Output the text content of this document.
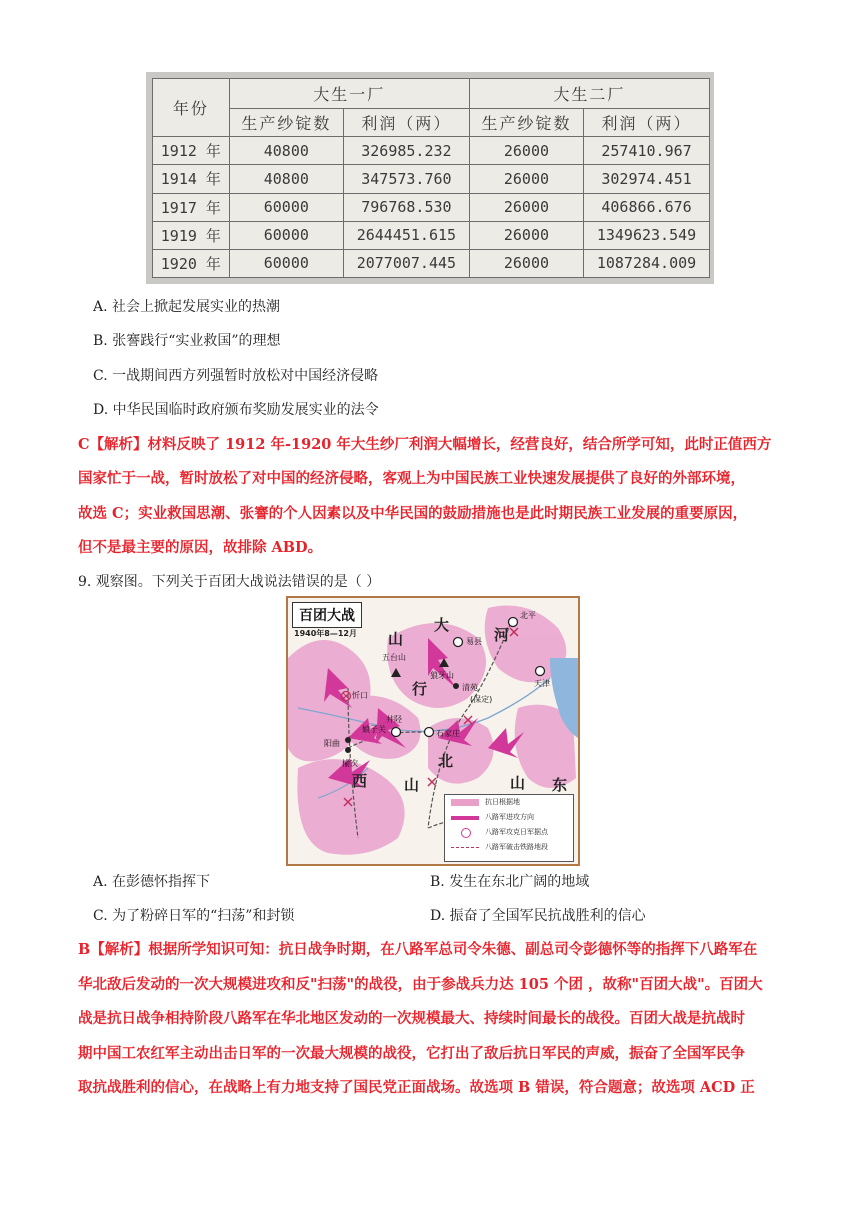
年份	大生一厂		大生二厂	
	生产纱锭数	利润（两）	生产纱锭数	利润（两）
1912 年	40800	326985.232	26000	257410.967
1914 年	40800	347573.760	26000	302974.451
1917 年	60000	796768.530	26000	406866.676
1919 年	60000	2644451.615	26000	1349623.549
1920 年	60000	2077007.445	26000	1087284.009
A. 社会上掀起发展实业的热潮
B. 张謇践行“实业救国”的理想
C. 一战期间西方列强暂时放松对中国经济侵略
D. 中华民国临时政府颁布奖励发展实业的法令
C【解析】材料反映了 1912 年-1920 年大生纱厂利润大幅增长，经营良好，结合所学可知，此时正值西方
国家忙于一战，暂时放松了对中国的经济侵略，客观上为中国民族工业快速发展提供了良好的外部环境，
故选 C；实业救国思潮、张謇的个人因素以及中华民国的鼓励措施也是此时期民族工业发展的重要原因，
但不是最主要的原因，故排除 ABD。
9. 观察图。下列关于百团大战说法错误的是（ ）
百团大战
1940年8—12月
北平
易县
五台山
狼牙山
清苑
(保定)
天津
忻口
阳曲
榆次
井陉
娘子关	石家庄
山	河
大
行
西 山
北
山 东
抗日根据地
八路军进攻方向
八路军攻克日军据点
八路军破击铁路地段
A. 在彭德怀指挥下	B. 发生在东北广阔的地域
C. 为了粉碎日军的“扫荡”和封锁	D. 振奋了全国军民抗战胜利的信心
B【解析】根据所学知识可知：抗日战争时期，在八路军总司令朱德、副总司令彭德怀等的指挥下八路军在
华北敌后发动的一次大规模进攻和反"扫荡"的战役，由于参战兵力达 105 个团 ，故称"百团大战"。百团大
战是抗日战争相持阶段八路军在华北地区发动的一次规模最大、持续时间最长的战役。百团大战是抗战时
期中国工农红军主动出击日军的一次最大规模的战役，它打出了敌后抗日军民的声威，振奋了全国军民争
取抗战胜利的信心，在战略上有力地支持了国民党正面战场。故选项 B 错误，符合题意；故选项 ACD 正
